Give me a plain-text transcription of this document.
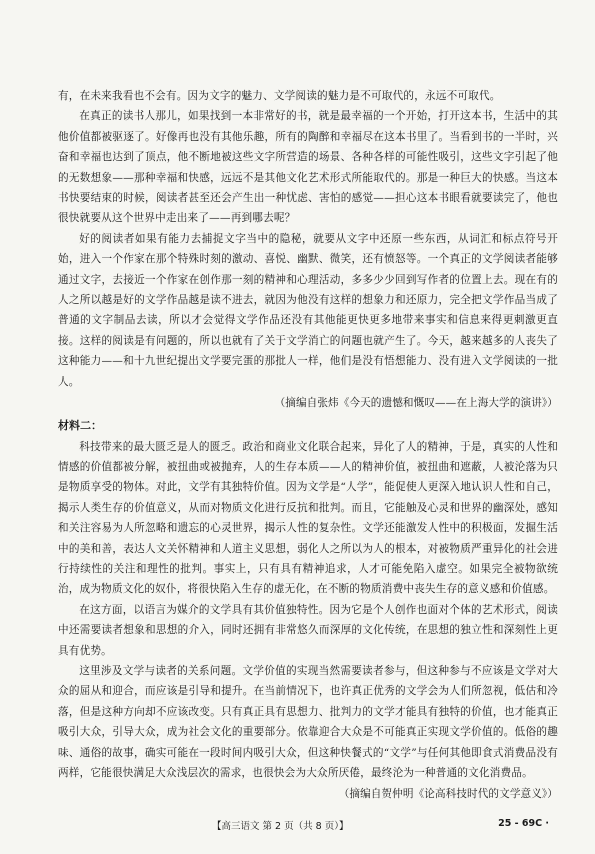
有，在未来我看也不会有。因为文字的魅力、文学阅读的魅力是不可取代的，永远不可取代。

在真正的读书人那儿，如果找到一本非常好的书，就是最幸福的一个开始，打开这本书，生活中的其他价值都被驱逐了。好像再也没有其他乐趣，所有的陶醉和幸福尽在这本书里了。当看到书的一半时，兴奋和幸福也达到了顶点，他不断地被这些文字所营造的场景、各种各样的可能性吸引，这些文字引起了他的无数想象——那种幸福和快感，远远不是其他文化艺术形式所能取代的。那是一种巨大的快感。当这本书快要结束的时候，阅读者甚至还会产生出一种忧虑、害怕的感觉——担心这本书眼看就要读完了，他也很快就要从这个世界中走出来了——再到哪去呢？

好的阅读者如果有能力去捕捉文字当中的隐秘，就要从文字中还原一些东西，从词汇和标点符号开始，进入一个作家在那个特殊时刻的激动、喜悦、幽默、微笑，还有愤怒等。一个真正的文学阅读者能够通过文字，去接近一个作家在创作那一刻的精神和心理活动，多多少少回到写作者的位置上去。现在有的人之所以越是好的文学作品越是读不进去，就因为他没有这样的想象力和还原力，完全把文学作品当成了普通的文字制品去读，所以才会觉得文学作品还没有其他能更快更多地带来事实和信息来得更刺激更直接。这样的阅读是有问题的，所以也就有了关于文学消亡的问题也就产生了。今天，越来越多的人丧失了这种能力——和十九世纪提出文学要完蛋的那批人一样，他们是没有悟想能力、没有进入文学阅读的一批人。

（摘编自张炜《今天的遗憾和慨叹——在上海大学的演讲》）

材料二：

科技带来的最大匮乏是人的匮乏。政治和商业文化联合起来，异化了人的精神，于是，真实的人性和情感的价值都被分解，被扭曲或被抛弃，人的生存本质——人的精神价值，被扭曲和遮蔽，人被沦落为只是物质享受的物体。对此，文学有其独特价值。因为文学是“人学”，能促使人更深入地认识人性和自己，揭示人类生存的价值意义，从而对物质文化进行反抗和批判。而且，它能触及心灵和世界的幽深处，感知和关注容易为人所忽略和遗忘的心灵世界，揭示人性的复杂性。文学还能激发人性中的积极面，发掘生活中的美和善，表达人文关怀精神和人道主义思想，弱化人之所以为人的根本，对被物质严重异化的社会进行持续性的关注和理性的批判。事实上，只有具有精神追求，人才可能免陷入虚空。如果完全被物欲统治，成为物质文化的奴仆，将很快陷入生存的虚无化，在不断的物质消费中丧失生存的意义感和价值感。

在这方面，以语言为媒介的文学具有其价值独特性。因为它是个人创作也面对个体的艺术形式，阅读中还需要读者想象和思想的介入，同时还拥有非常悠久而深厚的文化传统，在思想的独立性和深刻性上更具有优势。

这里涉及文学与读者的关系问题。文学价值的实现当然需要读者参与，但这种参与不应该是文学对大众的屈从和迎合，而应该是引导和提升。在当前情况下，也许真正优秀的文学会为人们所忽视，低估和冷落，但是这种方向却不应该改变。只有真正具有思想力、批判力的文学才能具有独特的价值，也才能真正吸引大众，引导大众，成为社会文化的重要部分。依靠迎合大众是不可能真正实现文学价值的。低俗的趣味、通俗的故事，确实可能在一段时间内吸引大众，但这种快餐式的“文学”与任何其他即食式消费品没有两样，它能很快满足大众浅层次的需求，也很快会为大众所厌倦，最终沦为一种普通的文化消费品。

（摘编自贺仲明《论高科技时代的文学意义》）

【高三语文 第 2 页（共 8 页）】	25 - 69C ·
